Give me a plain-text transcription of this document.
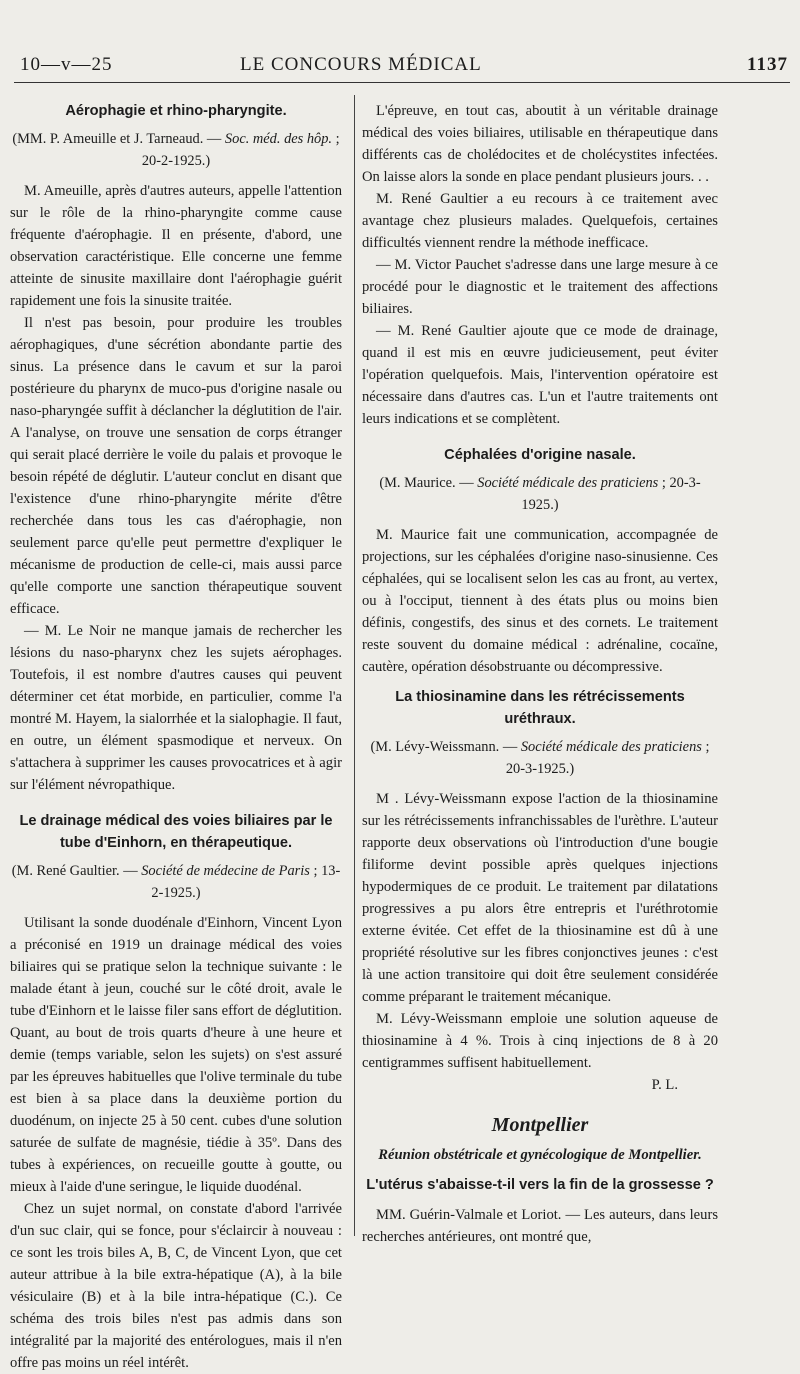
10—v—25	LE CONCOURS MÉDICAL	1137
Aérophagie et rhino-pharyngite.
(MM. P. Ameuille et J. Tarneaud. — Soc. méd. des hôp. ; 20-2-1925.)

M. Ameuille, après d'autres auteurs, appelle l'attention sur le rôle de la rhino-pharyngite comme cause fréquente d'aérophagie. Il en présente, d'abord, une observation caractéristique. Elle concerne une femme atteinte de sinusite maxillaire dont l'aérophagie guérit rapidement une fois la sinusite traitée.

Il n'est pas besoin, pour produire les troubles aérophagiques, d'une sécrétion abondante partie des sinus. La présence dans le cavum et sur la paroi postérieure du pharynx de muco-pus d'origine nasale ou naso-pharyngée suffit à déclancher la déglutition de l'air. A l'analyse, on trouve une sensation de corps étranger qui serait placé derrière le voile du palais et provoque le besoin répété de déglutir. L'auteur conclut en disant que l'existence d'une rhino-pharyngite mérite d'être recherchée dans tous les cas d'aérophagie, non seulement parce qu'elle peut permettre d'expliquer le mécanisme de production de celle-ci, mais aussi parce qu'elle comporte une sanction thérapeutique souvent efficace.

— M. Le Noir ne manque jamais de rechercher les lésions du naso-pharynx chez les sujets aérophages. Toutefois, il est nombre d'autres causes qui peuvent déterminer cet état morbide, en particulier, comme l'a montré M. Hayem, la sialorrhée et la sialophagie. Il faut, en outre, un élément spasmodique et nerveux. On s'attachera à supprimer les causes provocatrices et à agir sur l'élément névropathique.

Le drainage médical des voies biliaires par le tube d'Einhorn, en thérapeutique.
(M. René Gaultier. — Société de médecine de Paris ; 13-2-1925.)

Utilisant la sonde duodénale d'Einhorn, Vincent Lyon a préconisé en 1919 un drainage médical des voies biliaires qui se pratique selon la technique suivante : le malade étant à jeun, couché sur le côté droit, avale le tube d'Einhorn et le laisse filer sans effort de déglutition. Quant, au bout de trois quarts d'heure à une heure et demie (temps variable, selon les sujets) on s'est assuré par les épreuves habituelles que l'olive terminale du tube est bien à sa place dans la deuxième portion du duodénum, on injecte 25 à 50 cent. cubes d'une solution saturée de sulfate de magnésie, tiédie à 35º. Dans des tubes à expériences, on recueille goutte à goutte, ou mieux à l'aide d'une seringue, le liquide duodénal.

Chez un sujet normal, on constate d'abord l'arrivée d'un suc clair, qui se fonce, pour s'éclaircir à nouveau : ce sont les trois biles A, B, C, de Vincent Lyon, que cet auteur attribue à la bile extra-hépatique (A), à la bile vésiculaire (B) et à la bile intra-hépatique (C.). Ce schéma des trois biles n'est pas admis dans son intégralité par la majorité des entérologues, mais il n'en offre pas moins un réel intérêt.

L'épreuve, en tout cas, aboutit à un véritable drainage médical des voies biliaires, utilisable en thérapeutique dans différents cas de cholédocites et de cholécystites infectées. On laisse alors la sonde en place pendant plusieurs jours. . .

M. René Gaultier a eu recours à ce traitement avec avantage chez plusieurs malades. Quelquefois, certaines difficultés viennent rendre la méthode inefficace.

— M. Victor Pauchet s'adresse dans une large mesure à ce procédé pour le diagnostic et le traitement des affections biliaires.

— M. René Gaultier ajoute que ce mode de drainage, quand il est mis en œuvre judicieusement, peut éviter l'opération quelquefois. Mais, l'intervention opératoire est nécessaire dans d'autres cas. L'un et l'autre traitements ont leurs indications et se complètent.

Céphalées d'origine nasale.
(M. Maurice. — Société médicale des praticiens ; 20-3-1925.)

M. Maurice fait une communication, accompagnée de projections, sur les céphalées d'origine naso-sinusienne. Ces céphalées, qui se localisent selon les cas au front, au vertex, ou à l'occiput, tiennent à des états plus ou moins bien définis, congestifs, des sinus et des cornets. Le traitement reste souvent du domaine médical : adrénaline, cocaïne, cautère, opération désobstruante ou décompressive.

La thiosinamine dans les rétrécissements uréthraux.
(M. Lévy-Weissmann. — Société médicale des praticiens ; 20-3-1925.)

M . Lévy-Weissmann expose l'action de la thiosinamine sur les rétrécissements infranchissables de l'urèthre. L'auteur rapporte deux observations où l'introduction d'une bougie filiforme devint possible après quelques injections hypodermiques de ce produit. Le traitement par dilatations progressives a pu alors être entrepris et l'uréthrotomie externe évitée. Cet effet de la thiosinamine est dû à une propriété résolutive sur les fibres conjonctives jeunes : c'est là une action transitoire qui doit être seulement considérée comme préparant le traitement mécanique.

M. Lévy-Weissmann emploie une solution aqueuse de thiosinamine à 4 %. Trois à cinq injections de 8 à 20 centigrammes suffisent habituellement.

P. L.

Montpellier
Réunion obstétricale et gynécologique de Montpellier.
L'utérus s'abaisse-t-il vers la fin de la grossesse ?

MM. Guérin-Valmale et Loriot. — Les auteurs, dans leurs recherches antérieures, ont montré que,
